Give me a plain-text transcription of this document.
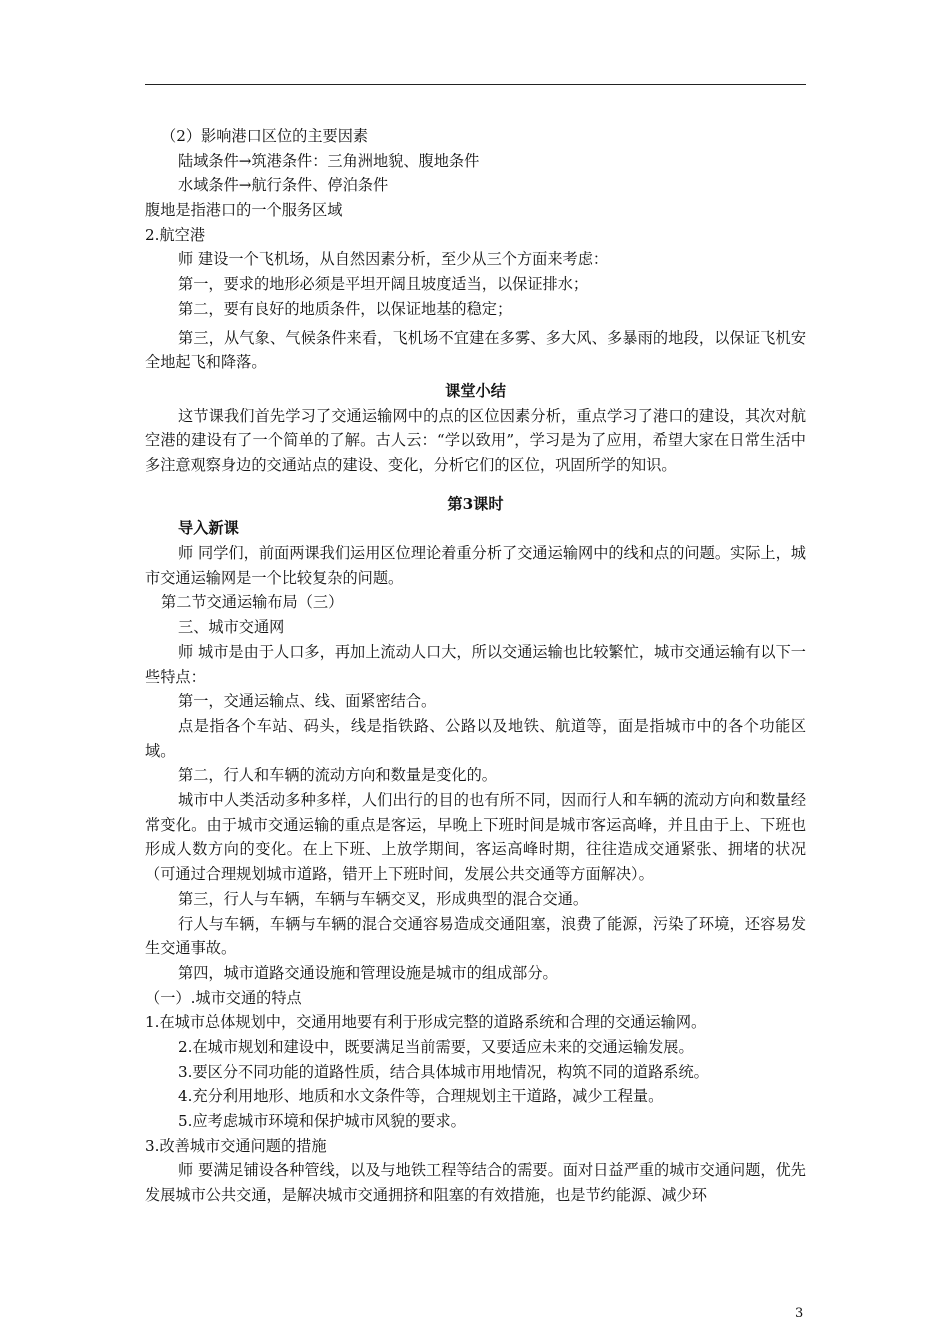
（2）影响港口区位的主要因素
陆域条件→筑港条件：三角洲地貌、腹地条件
水域条件→航行条件、停泊条件
腹地是指港口的一个服务区域
2.航空港
师 建设一个飞机场，从自然因素分析，至少从三个方面来考虑：
第一，要求的地形必须是平坦开阔且坡度适当，以保证排水；
第二，要有良好的地质条件，以保证地基的稳定；
第三，从气象、气候条件来看，飞机场不宜建在多雾、多大风、多暴雨的地段，以保证飞机安全地起飞和降落。
课堂小结
这节课我们首先学习了交通运输网中的点的区位因素分析，重点学习了港口的建设，其次对航空港的建设有了一个简单的了解。古人云：“学以致用”，学习是为了应用，希望大家在日常生活中多注意观察身边的交通站点的建设、变化，分析它们的区位，巩固所学的知识。
第3课时
导入新课
师 同学们，前面两课我们运用区位理论着重分析了交通运输网中的线和点的问题。实际上，城市交通运输网是一个比较复杂的问题。
第二节交通运输布局（三）
三、城市交通网
师 城市是由于人口多，再加上流动人口大，所以交通运输也比较繁忙，城市交通运输有以下一些特点：
第一，交通运输点、线、面紧密结合。
点是指各个车站、码头，线是指铁路、公路以及地铁、航道等，面是指城市中的各个功能区域。
第二，行人和车辆的流动方向和数量是变化的。
城市中人类活动多种多样，人们出行的目的也有所不同，因而行人和车辆的流动方向和数量经常变化。由于城市交通运输的重点是客运，早晚上下班时间是城市客运高峰，并且由于上、下班也形成人数方向的变化。在上下班、上放学期间，客运高峰时期，往往造成交通紧张、拥堵的状况（可通过合理规划城市道路，错开上下班时间，发展公共交通等方面解决）。
第三，行人与车辆，车辆与车辆交叉，形成典型的混合交通。
行人与车辆，车辆与车辆的混合交通容易造成交通阻塞，浪费了能源，污染了环境，还容易发生交通事故。
第四，城市道路交通设施和管理设施是城市的组成部分。
（一）.城市交通的特点
1.在城市总体规划中，交通用地要有利于形成完整的道路系统和合理的交通运输网。
2.在城市规划和建设中，既要满足当前需要，又要适应未来的交通运输发展。
3.要区分不同功能的道路性质，结合具体城市用地情况，构筑不同的道路系统。
4.充分利用地形、地质和水文条件等，合理规划主干道路，减少工程量。
5.应考虑城市环境和保护城市风貌的要求。
3.改善城市交通问题的措施
师 要满足铺设各种管线，以及与地铁工程等结合的需要。面对日益严重的城市交通问题，优先发展城市公共交通，是解决城市交通拥挤和阻塞的有效措施，也是节约能源、减少环
3
